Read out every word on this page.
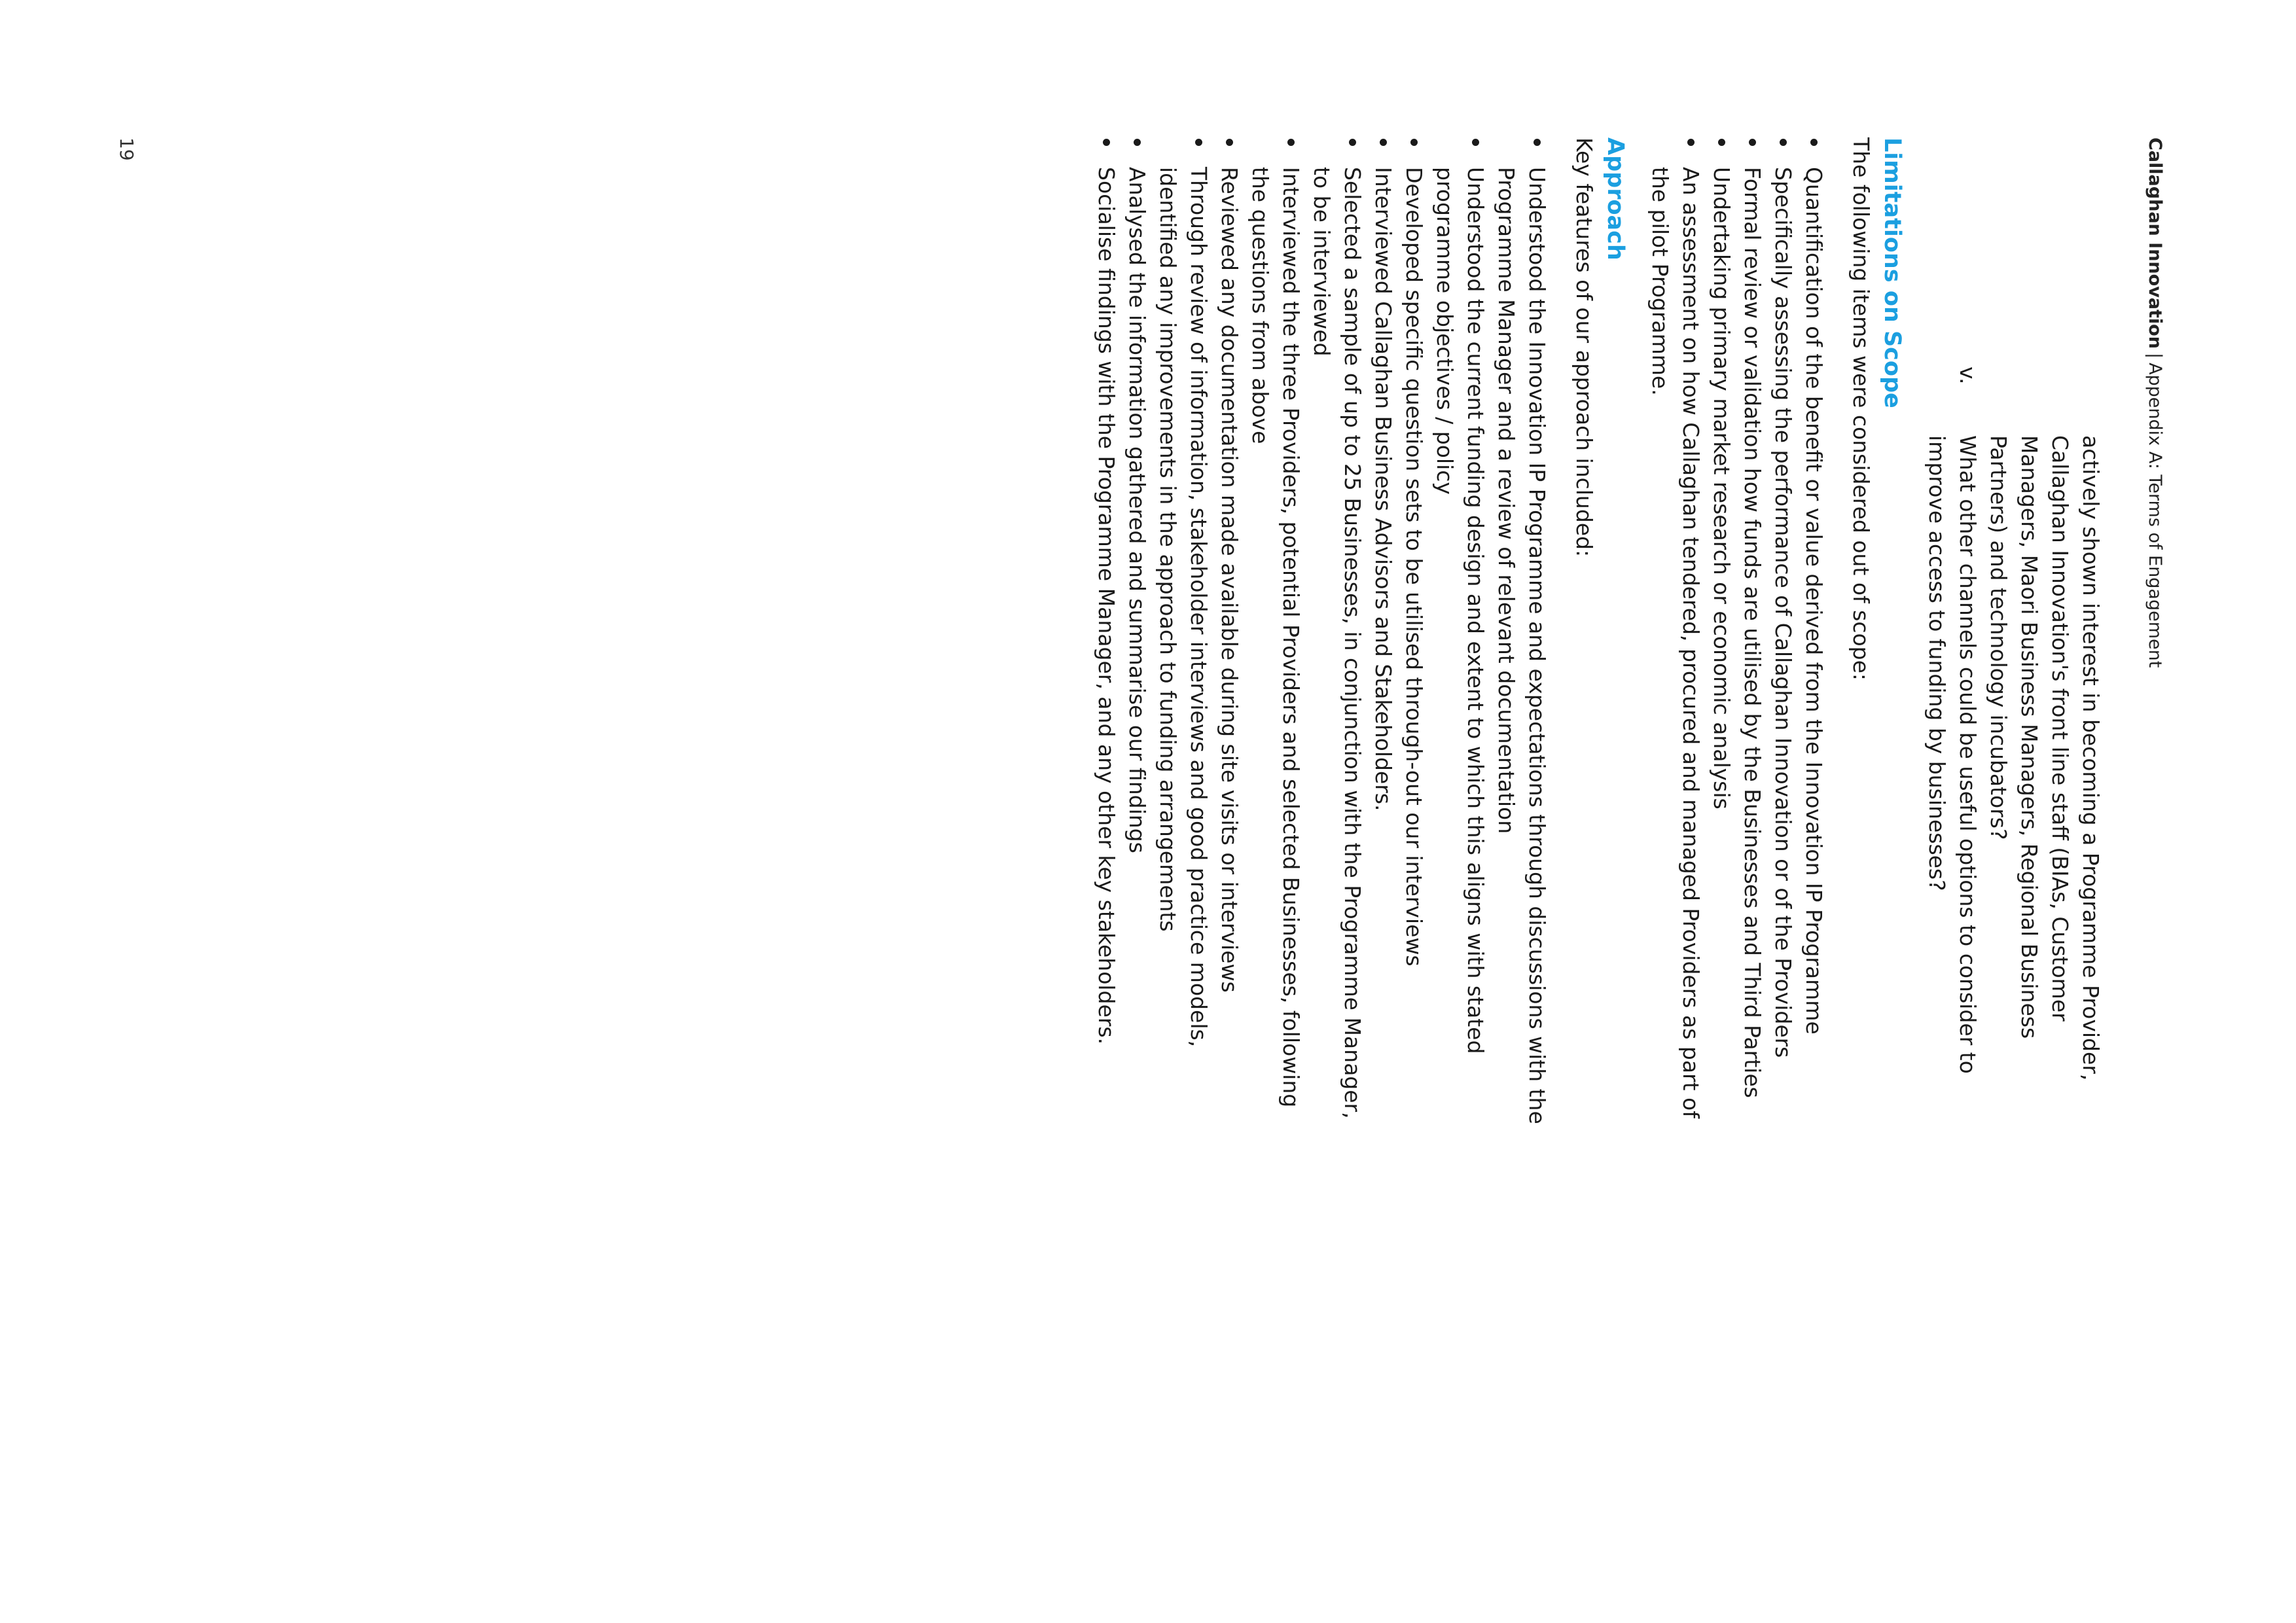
Callaghan Innovation|Appendix A: Terms of Engagement
actively shown interest in becoming a Programme Provider, Callaghan Innovation's front line staff (BIAs, Customer Managers, Maori Business Managers, Regional Business Partners) and technology incubators?
v.
What other channels could be useful options to consider to improve access to funding by businesses?
Limitations on Scope

The following items were considered out of scope:

Quantification of the benefit or value derived from the Innovation IP Programme
Specifically assessing the performance of Callaghan Innovation or of the Providers
Formal review or validation how funds are utilised by the Businesses and Third Parties
Undertaking primary market research or economic analysis
An assessment on how Callaghan tendered, procured and managed Providers as part of the pilot Programme.
Approach

Key features of our approach included:

Understood the Innovation IP Programme and expectations through discussions with the Programme Manager and a review of relevant documentation
Understood the current funding design and extent to which this aligns with stated programme objectives / policy
Developed specific question sets to be utilised through-out our interviews
Interviewed Callaghan Business Advisors and Stakeholders.
Selected a sample of up to 25 Businesses, in conjunction with the Programme Manager, to be interviewed
Interviewed the three Providers, potential Providers and selected Businesses, following the questions from above
Reviewed any documentation made available during site visits or interviews
Through review of information, stakeholder interviews and good practice models, identified any improvements in the approach to funding arrangements
Analysed the information gathered and summarise our findings
Socialise findings with the Programme Manager, and any other key stakeholders.
19
